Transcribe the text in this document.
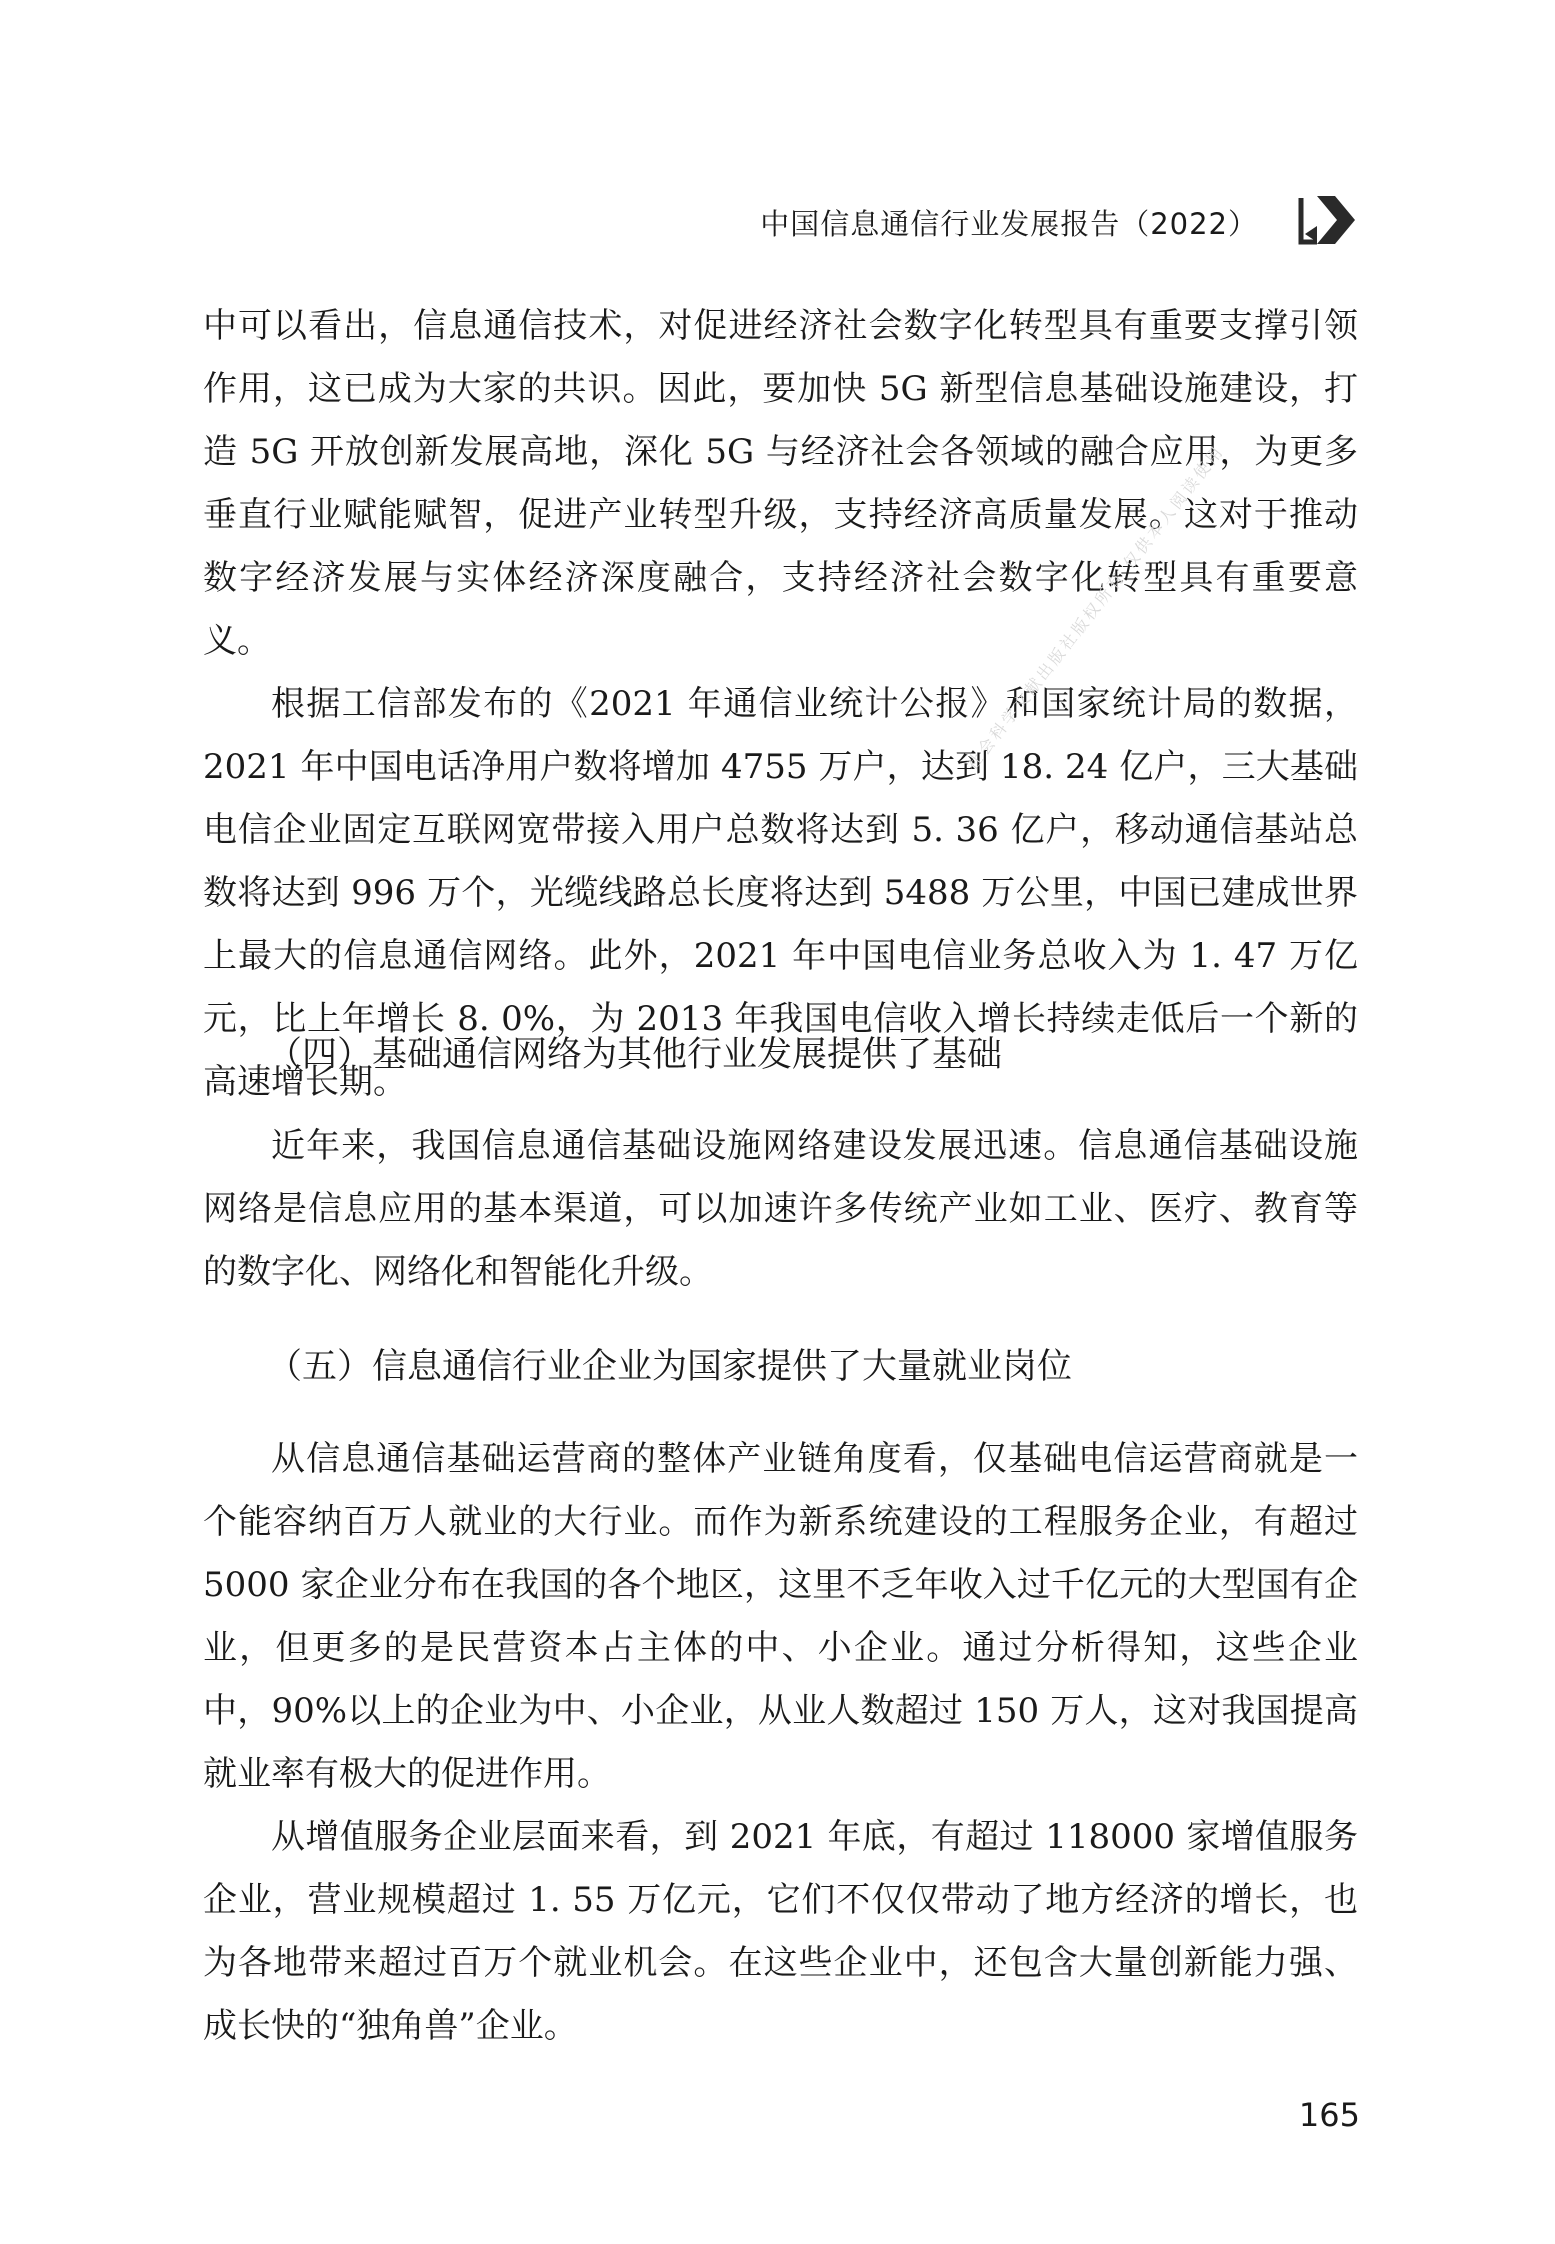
中国信息通信行业发展报告（2022）

中可以看出，信息通信技术，对促进经济社会数字化转型具有重要支撑引领作用，这已成为大家的共识。因此，要加快 5G 新型信息基础设施建设，打造 5G 开放创新发展高地，深化 5G 与经济社会各领域的融合应用，为更多垂直行业赋能赋智，促进产业转型升级，支持经济高质量发展。这对于推动数字经济发展与实体经济深度融合，支持经济社会数字化转型具有重要意义。

根据工信部发布的《2021 年通信业统计公报》和国家统计局的数据，2021 年中国电话净用户数将增加 4755 万户，达到 18. 24 亿户，三大基础电信企业固定互联网宽带接入用户总数将达到 5. 36 亿户，移动通信基站总数将达到 996 万个，光缆线路总长度将达到 5488 万公里，中国已建成世界上最大的信息通信网络。此外，2021 年中国电信业务总收入为 1. 47 万亿元，比上年增长 8. 0%，为 2013 年我国电信收入增长持续走低后一个新的高速增长期。

社会科学文献出版社版权所有 仅供本人阅读使用
（四）基础通信网络为其他行业发展提供了基础

近年来，我国信息通信基础设施网络建设发展迅速。信息通信基础设施网络是信息应用的基本渠道，可以加速许多传统产业如工业、医疗、教育等的数字化、网络化和智能化升级。

（五）信息通信行业企业为国家提供了大量就业岗位

从信息通信基础运营商的整体产业链角度看，仅基础电信运营商就是一个能容纳百万人就业的大行业。而作为新系统建设的工程服务企业，有超过 5000 家企业分布在我国的各个地区，这里不乏年收入过千亿元的大型国有企业，但更多的是民营资本占主体的中、小企业。通过分析得知，这些企业中，90%以上的企业为中、小企业，从业人数超过 150 万人，这对我国提高就业率有极大的促进作用。

从增值服务企业层面来看，到 2021 年底，有超过 118000 家增值服务企业，营业规模超过 1. 55 万亿元，它们不仅仅带动了地方经济的增长，也为各地带来超过百万个就业机会。在这些企业中，还包含大量创新能力强、成长快的“独角兽”企业。

165
